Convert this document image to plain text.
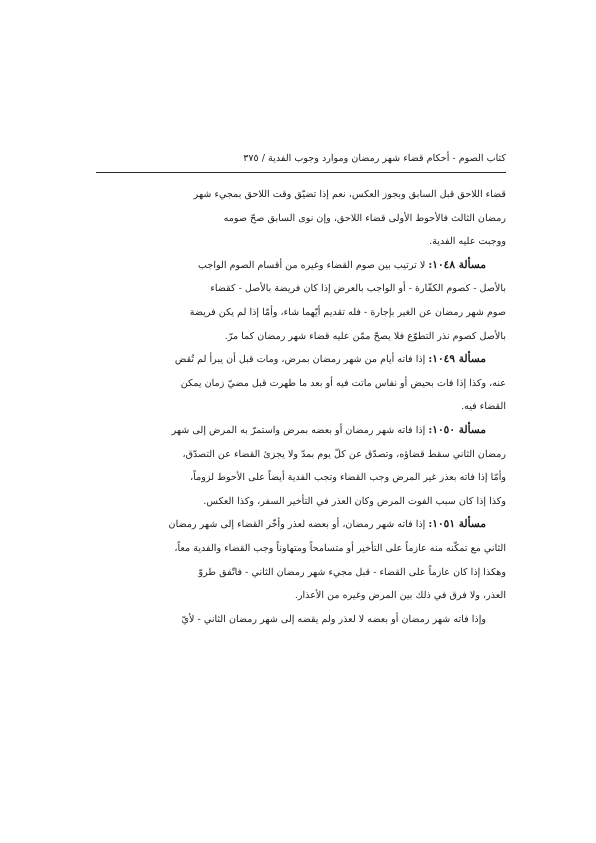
كتاب الصوم - أحكام قضاء شهر رمضان وموارد وجوب الفدية / ٣٧٥
قضاء اللاحق قبل السابق وبجوز العكس، نعم إذا تضيّق وقت اللاحق بمجيء شهر
رمضان الثالث فالأحوط الأولى قضاء اللاحق، وإن نوى السابق صحّ صومه
ووجبت عليه الفدية.
مسألة ١٠٤٨: لا ترتيب بين صوم القضاء وغيره من أقسام الصوم الواجب
بالأصل - كصوم الكفّارة - أو الواجب بالعرض إذا كان فريضة بالأصل - كقضاء
صوم شهر رمضان عن الغير بإجارة - فله تقديم أيّهما شاء، وأمّا إذا لم يكن فريضة
بالأصل كصوم نذر التطوّع فلا يصحّ ممّن عليه قضاء شهر رمضان كما مرّ.
مسألة ١٠٤٩: إذا فاته أيام من شهر رمضان بمرض، ومات قبل أن يبرأ لم تُقض
عنه، وكذا إذا فات بحيض أو نفاس ماتت فيه أو بعد ما طهرت قبل مضيّ زمان يمكن
القضاء فيه.
مسألة ١٠٥٠: إذا فاته شهر رمضان أو بعضه بمرض واستمرّ به المرض إلى شهر
رمضان الثاني سقط قضاؤه، وتصدّق عن كلّ يوم بمدّ ولا يجزئ القضاء عن التصدّق،
وأمّا إذا فاته بعذر غير المرض وجب القضاء وتجب الفدية أيضاً على الأحوط لزوماً،
وكذا إذا كان سبب الفوت المرض وكان العذر في التأخير السفر، وكذا العكس.
مسألة ١٠٥١: إذا فاته شهر رمضان، أو بعضه لعذر وأخّر القضاء إلى شهر رمضان
الثاني مع تمكّنه منه عازماً على التأخير أو متسامحاً ومتهاوناً وجب القضاء والفدية معاً،
وهكذا إذا كان عازماً على القضاء - قبل مجيء شهر رمضان الثاني - فاتّفق طروّ
العذر، ولا فرق في ذلك بين المرض وغيره من الأعذار.
وإذا فاته شهر رمضان أو بعضه لا لعذر ولم يقضه إلى شهر رمضان الثاني - لأيّ
